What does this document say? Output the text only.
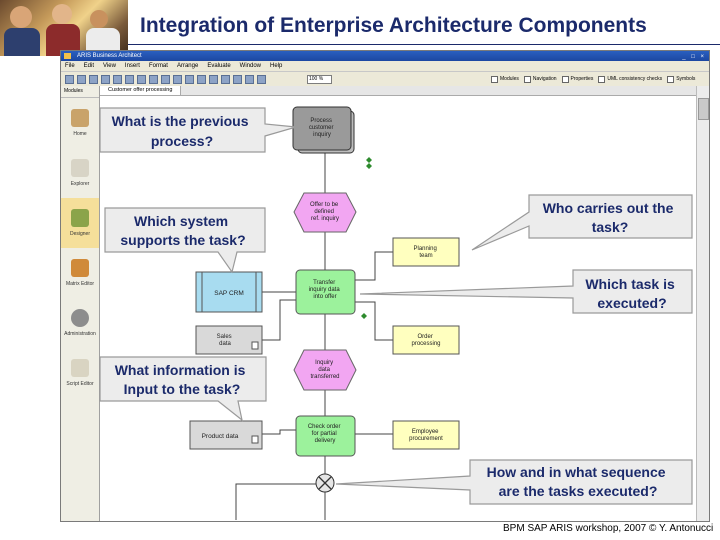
Integration of Enterprise Architecture Components
ARIS Business Architect	_ □ ×
File Edit View Insert Format Arrange Evaluate Window Help
100 %	Modules	Navigation	Properties	UML consistency checks	Symbols
Modules
Home
Explorer
Designer
Matrix Editor
Administration
Script Editor
Customer offer processing
Process customer inquiry
Offer to be defined ref. inquiry
Transfer inquiry data into offer
SAP CRM
Planning team
Order processing
Sales data
Inquiry data transferred
Check order for partial delivery
Product data
Employee procurement
What is the previous process?
Which system supports the task?
Who carries out the task?
Which task is executed?
What information is Input to the task?
How and in what sequence are the tasks executed?
BPM SAP ARIS workshop, 2007 © Y. Antonucci
